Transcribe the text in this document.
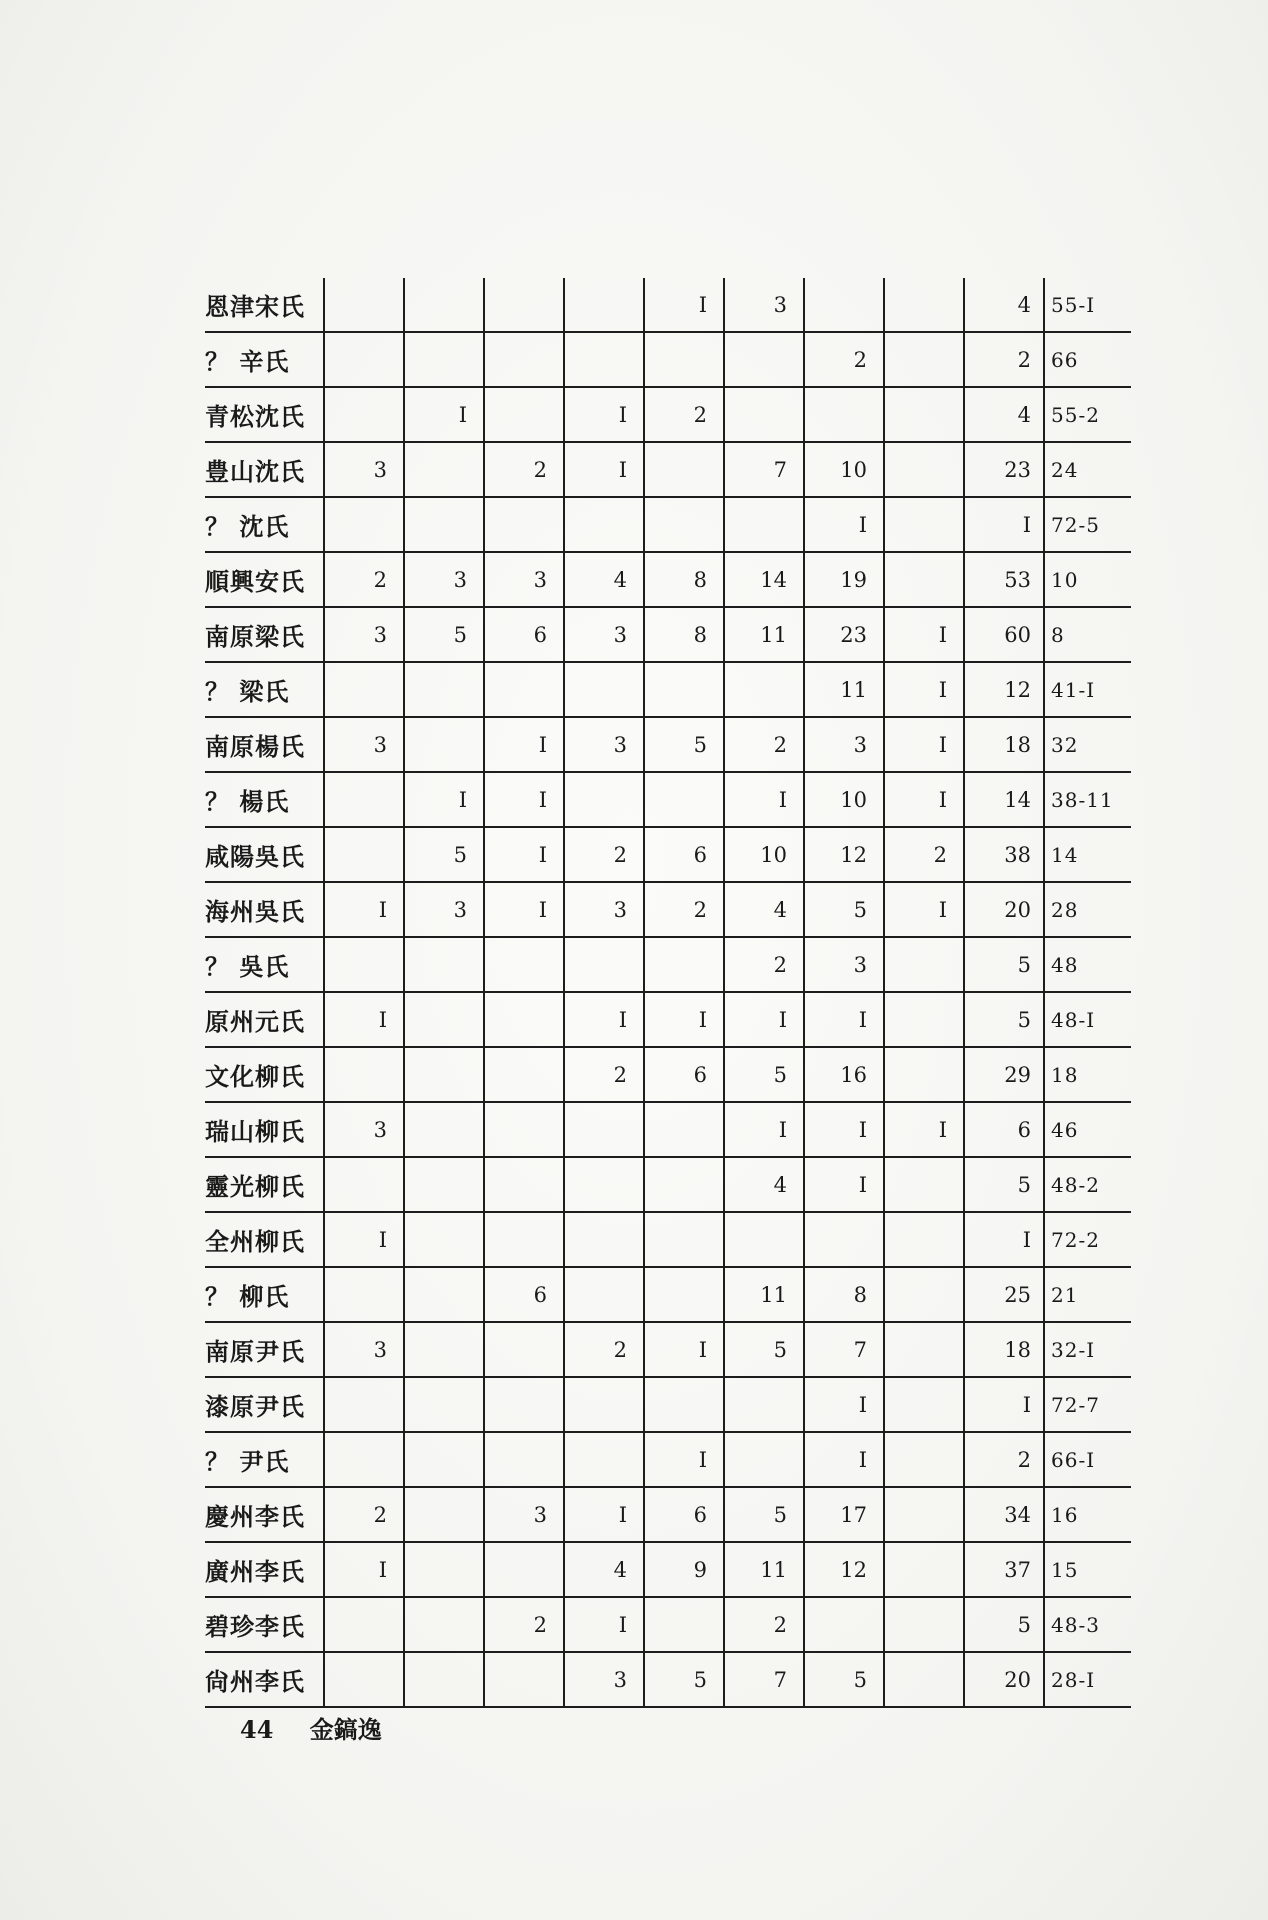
恩津宋氏					I	3			4	55-I
？ 辛氏							2		2	66
青松沈氏		I		I	2				4	55-2
豊山沈氏	3		2	I		7	10		23	24
？ 沈氏							I		I	72-5
順興安氏	2	3	3	4	8	14	19		53	10
南原梁氏	3	5	6	3	8	11	23	I	60	8
？ 梁氏							11	I	12	41-I
南原楊氏	3		I	3	5	2	3	I	18	32
？ 楊氏		I	I			I	10	I	14	38-11
咸陽吳氏		5	I	2	6	10	12	2	38	14
海州吳氏	I	3	I	3	2	4	5	I	20	28
？ 吳氏						2	3		5	48
原州元氏	I			I	I	I	I		5	48-I
文化柳氏				2	6	5	16		29	18
瑞山柳氏	3					I	I	I	6	46
靈光柳氏						4	I		5	48-2
全州柳氏	I								I	72-2
？ 柳氏			6			11	8		25	21
南原尹氏	3			2	I	5	7		18	32-I
漆原尹氏							I		I	72-7
？ 尹氏					I		I		2	66-I
慶州李氏	2		3	I	6	5	17		34	16
廣州李氏	I			4	9	11	12		37	15
碧珍李氏			2	I		2			5	48-3
尙州李氏				3	5	7	5		20	28-I
44 金鎬逸
